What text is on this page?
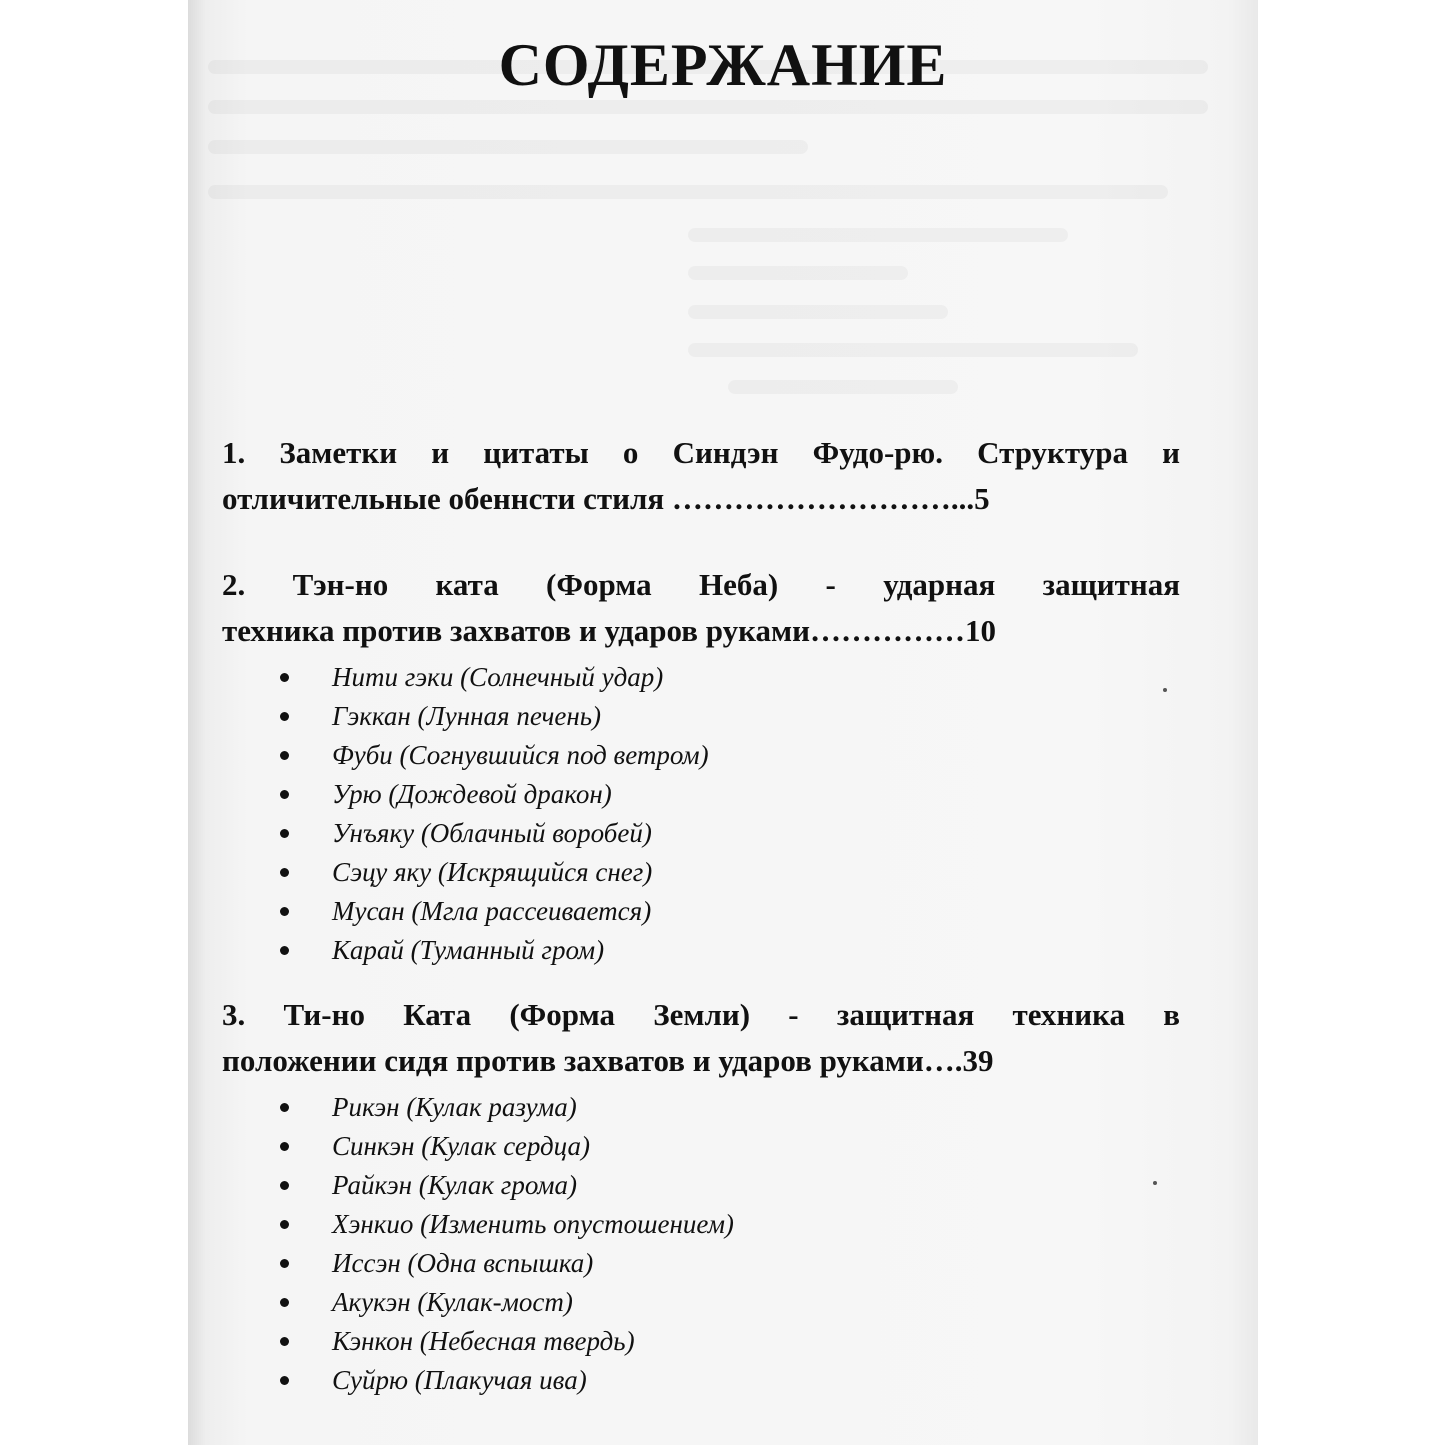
СОДЕРЖАНИЕ

1. Заметки и цитаты о Синдэн Фудо-рю. Структура и
отличительные обеннсти стиля ………………………...5

2. Тэн-но ката (Форма Неба) - ударная защитная
техника против захватов и ударов руками……………10

Нити гэки (Солнечный удар)
Гэккан (Лунная печень)
Фуби (Согнувшийся под ветром)
Урю (Дождевой дракон)
Унъяку (Облачный воробей)
Сэцу яку (Искрящийся снег)
Мусан (Мгла рассеивается)
Карай (Туманный гром)

3. Ти-но Ката (Форма Земли) - защитная техника в
положении сидя против захватов и ударов руками….39

Рикэн (Кулак разума)
Синкэн (Кулак сердца)
Райкэн (Кулак грома)
Хэнкио (Изменить опустошением)
Иссэн (Одна вспышка)
Акукэн (Кулак-мост)
Кэнкон (Небесная твердь)
Суйрю (Плакучая ива)
